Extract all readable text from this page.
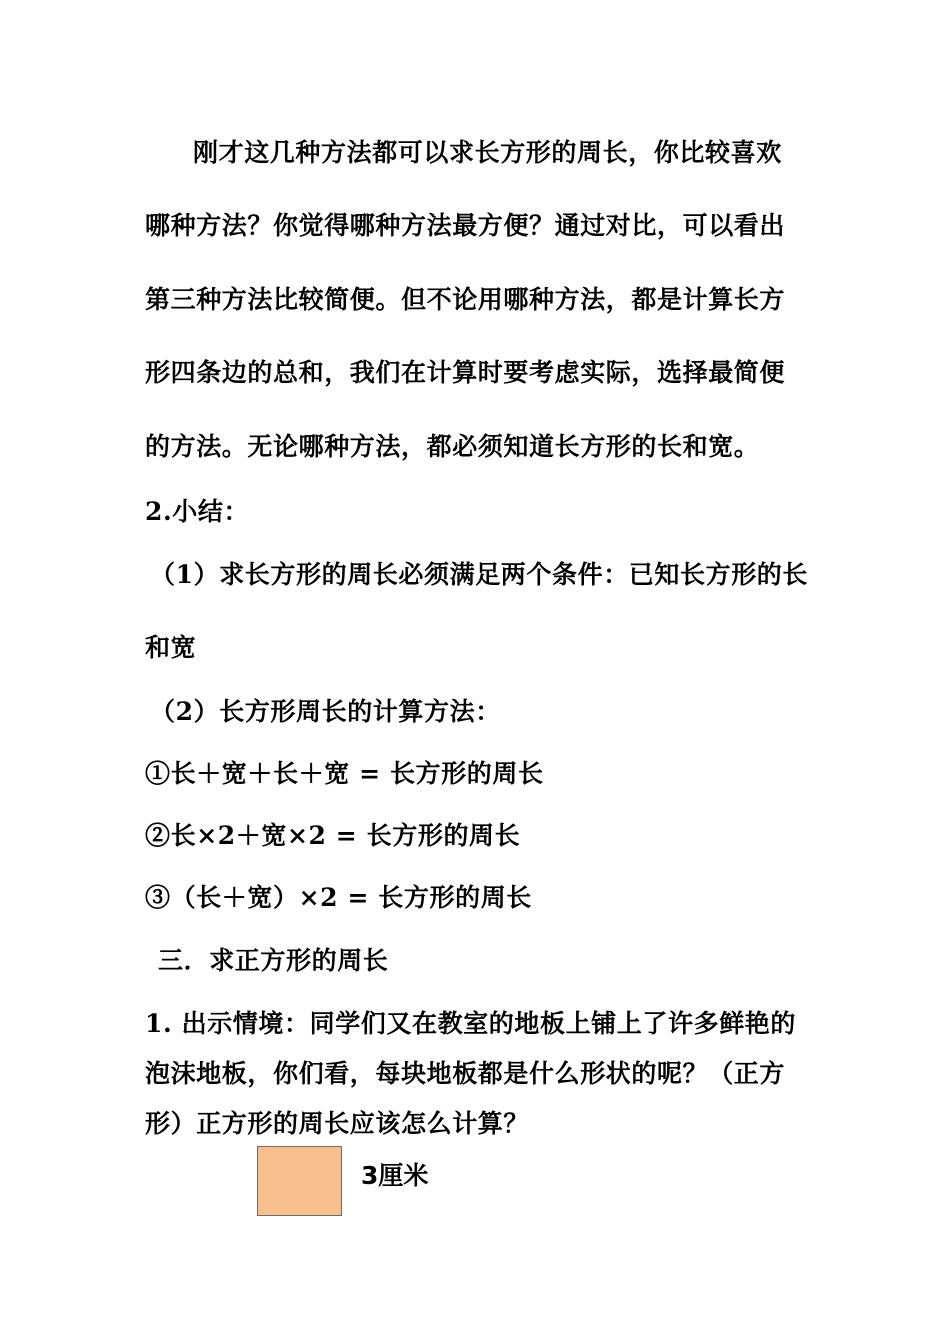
刚才这几种方法都可以求长方形的周长，你比较喜欢
哪种方法？你觉得哪种方法最方便？通过对比，可以看出
第三种方法比较简便。但不论用哪种方法，都是计算长方
形四条边的总和，我们在计算时要考虑实际，选择最简便
的方法。无论哪种方法，都必须知道长方形的长和宽。
2.小结：
（1）求长方形的周长必须满足两个条件：已知长方形的长
和宽
（2）长方形周长的计算方法：
①长＋宽＋长＋宽 = 长方形的周长
②长×2＋宽×2 = 长方形的周长
③（长＋宽）×2 = 长方形的周长
三．求正方形的周长
1. 出示情境：同学们又在教室的地板上铺上了许多鲜艳的
泡沫地板，你们看，每块地板都是什么形状的呢？（正方
形）正方形的周长应该怎么计算？
3厘米
